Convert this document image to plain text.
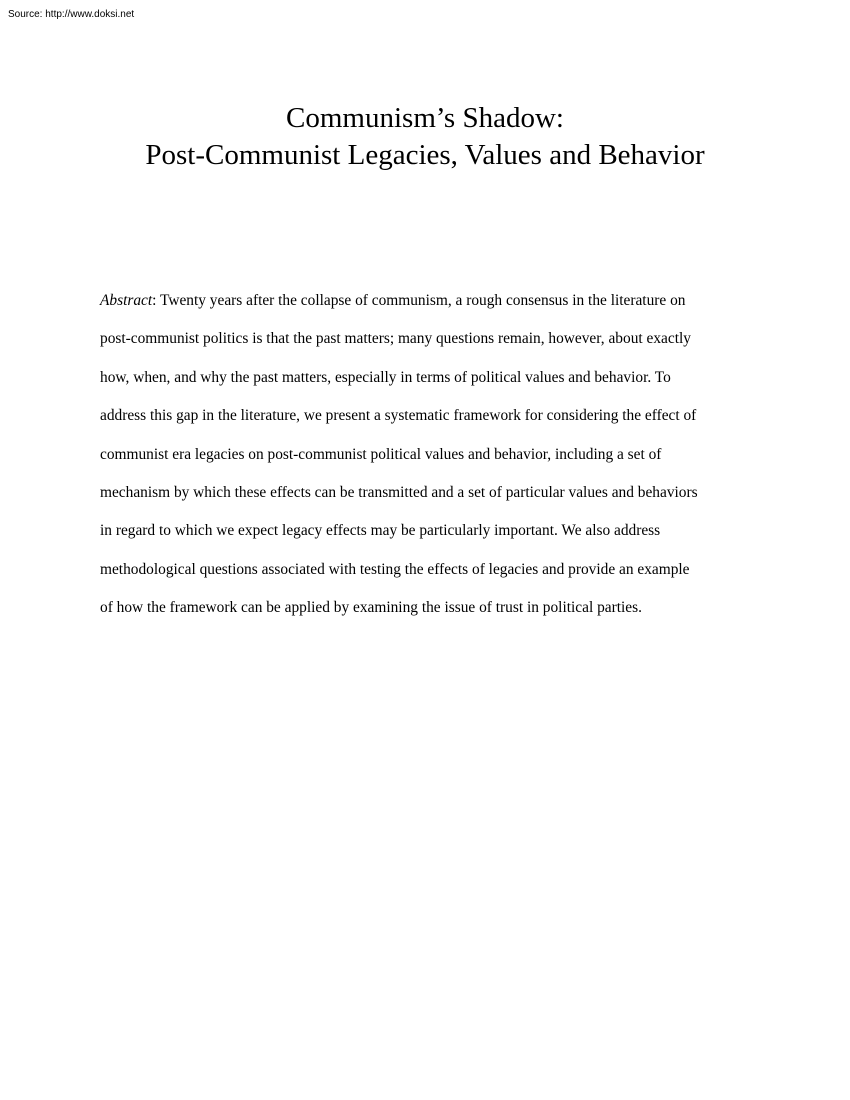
Source: http://www.doksi.net
Communism’s Shadow:
Post-Communist Legacies, Values and Behavior
Abstract: Twenty years after the collapse of communism, a rough consensus in the literature on
post-communist politics is that the past matters; many questions remain, however, about exactly
how, when, and why the past matters, especially in terms of political values and behavior. To
address this gap in the literature, we present a systematic framework for considering the effect of
communist era legacies on post-communist political values and behavior, including a set of
mechanism by which these effects can be transmitted and a set of particular values and behaviors
in regard to which we expect legacy effects may be particularly important. We also address
methodological questions associated with testing the effects of legacies and provide an example
of how the framework can be applied by examining the issue of trust in political parties.
